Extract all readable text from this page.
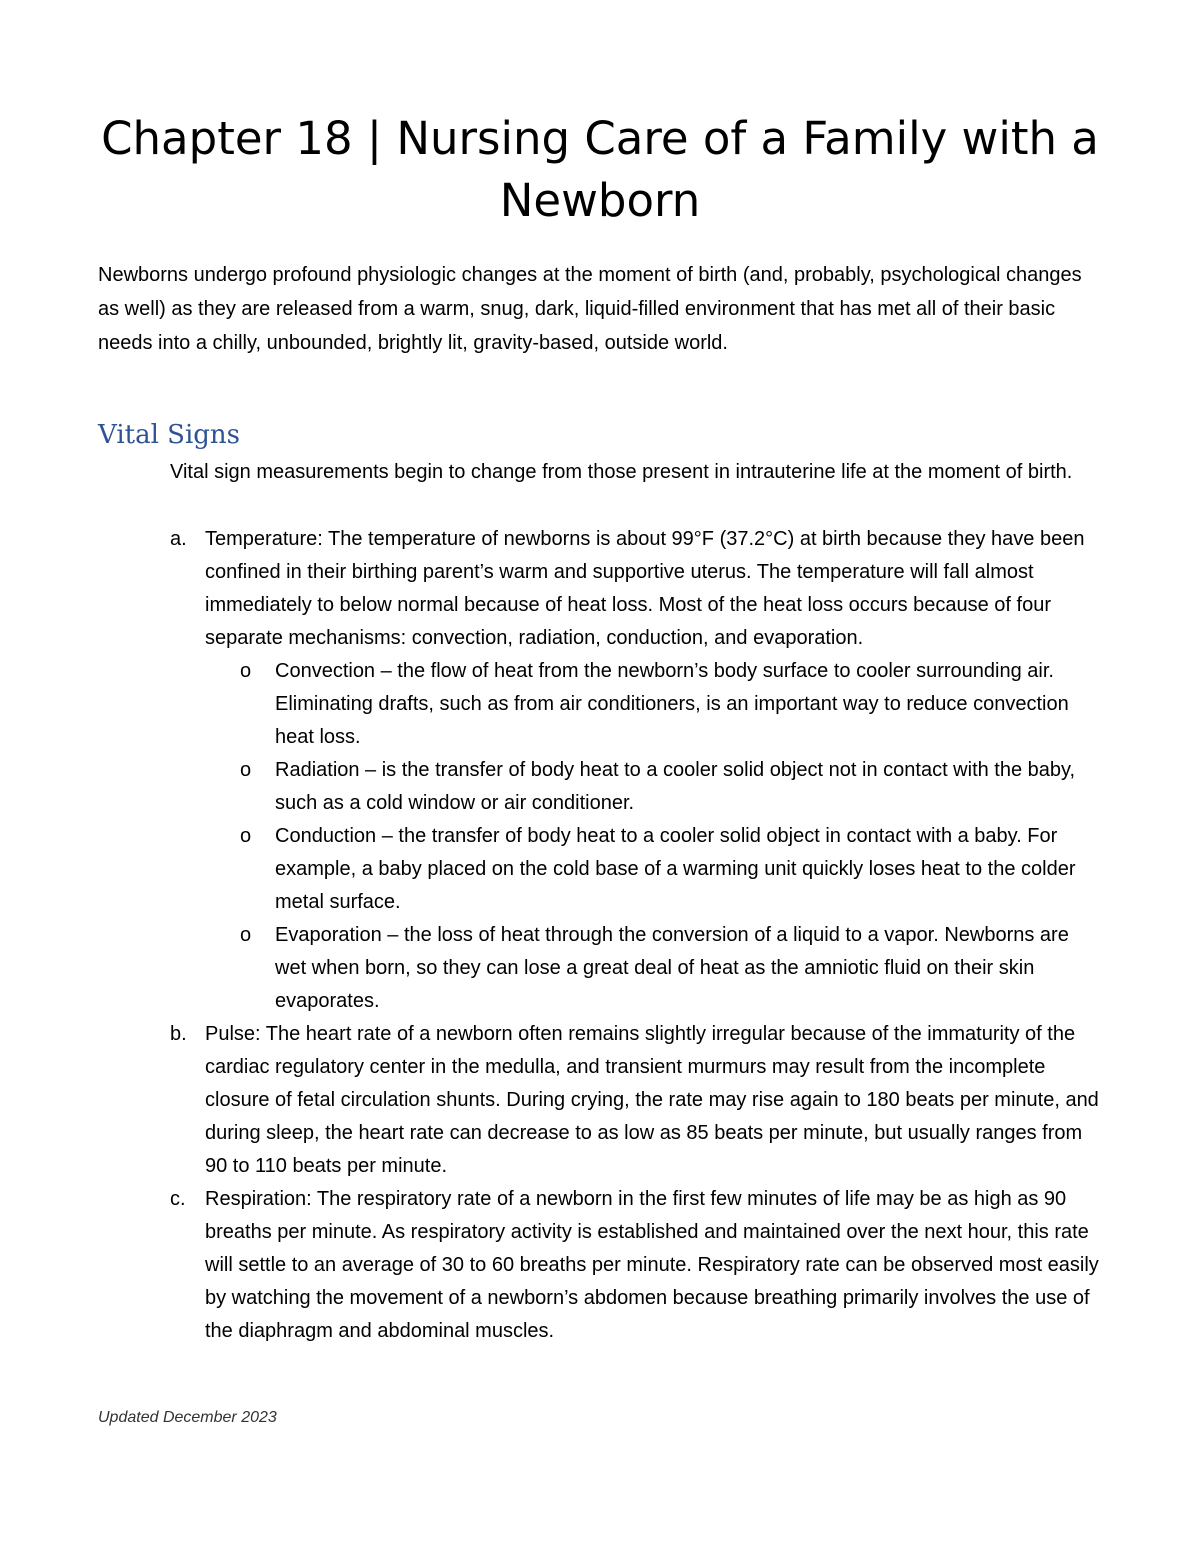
Chapter 18 | Nursing Care of a Family with a Newborn

Newborns undergo profound physiologic changes at the moment of birth (and, probably, psychological changes as well) as they are released from a warm, snug, dark, liquid-filled environment that has met all of their basic needs into a chilly, unbounded, brightly lit, gravity-based, outside world.

Vital Signs

Vital sign measurements begin to change from those present in intrauterine life at the moment of birth.

a. Temperature: The temperature of newborns is about 99°F (37.2°C) at birth because they have been confined in their birthing parent’s warm and supportive uterus. The temperature will fall almost immediately to below normal because of heat loss. Most of the heat loss occurs because of four separate mechanisms: convection, radiation, conduction, and evaporation.
o Convection – the flow of heat from the newborn’s body surface to cooler surrounding air. Eliminating drafts, such as from air conditioners, is an important way to reduce convection heat loss.
o Radiation – is the transfer of body heat to a cooler solid object not in contact with the baby, such as a cold window or air conditioner.
o Conduction – the transfer of body heat to a cooler solid object in contact with a baby. For example, a baby placed on the cold base of a warming unit quickly loses heat to the colder metal surface.
o Evaporation – the loss of heat through the conversion of a liquid to a vapor. Newborns are wet when born, so they can lose a great deal of heat as the amniotic fluid on their skin evaporates.
b. Pulse: The heart rate of a newborn often remains slightly irregular because of the immaturity of the cardiac regulatory center in the medulla, and transient murmurs may result from the incomplete closure of fetal circulation shunts. During crying, the rate may rise again to 180 beats per minute, and during sleep, the heart rate can decrease to as low as 85 beats per minute, but usually ranges from 90 to 110 beats per minute.
c. Respiration: The respiratory rate of a newborn in the first few minutes of life may be as high as 90 breaths per minute. As respiratory activity is established and maintained over the next hour, this rate will settle to an average of 30 to 60 breaths per minute. Respiratory rate can be observed most easily by watching the movement of a newborn’s abdomen because breathing primarily involves the use of the diaphragm and abdominal muscles.
Updated December 2023
